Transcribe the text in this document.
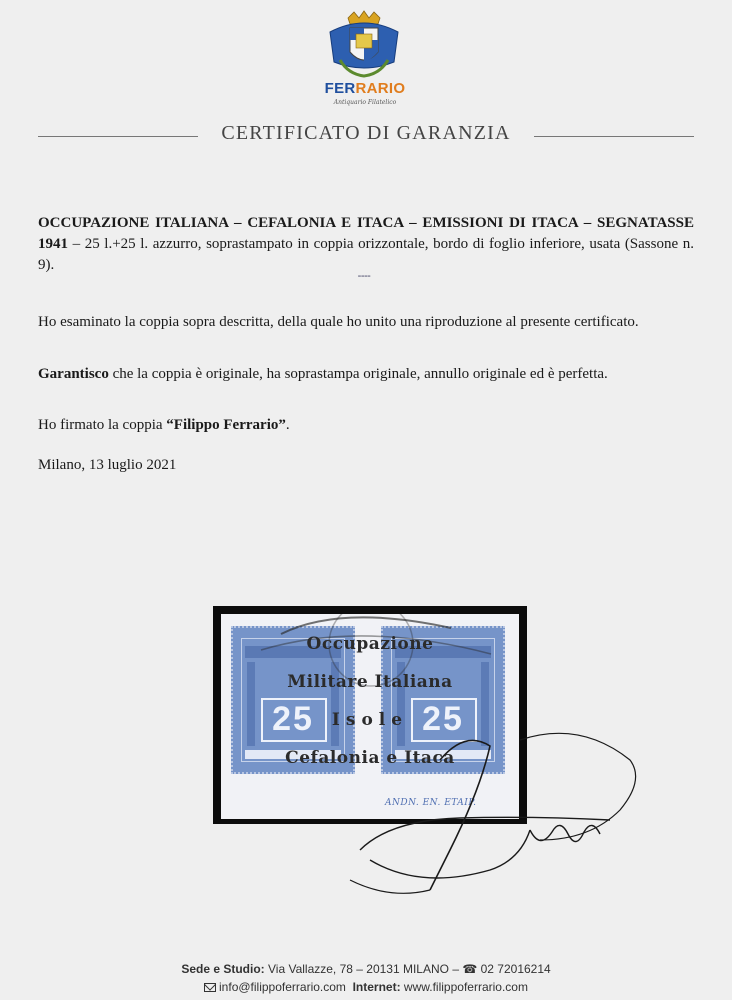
FERRARIO
Antiquario Filatelico
CERTIFICATO DI GARANZIA
OCCUPAZIONE ITALIANA – CEFALONIA E ITACA – EMISSIONI DI ITACA – SEGNATASSE 1941 – 25 l.+25 l. azzurro, soprastampato in coppia orizzontale, bordo di foglio inferiore, usata (Sassone n. 9).
----
Ho esaminato la coppia sopra descritta, della quale ho unito una riproduzione al presente certificato.
Garantisco che la coppia è originale, ha soprastampa originale, annullo originale ed è perfetta.
Ho firmato la coppia “Filippo Ferrario”.
Milano, 13 luglio 2021
25	25
Occupazione
Militare Italiana
Isole
Cefalonia e Itaca
ANDN. EN. ETAIP.
Sede e Studio: Via Vallazze, 78 – 20131 MILANO – ☎ 02 72016214
info@filippoferrario.com Internet: www.filippoferrario.com
